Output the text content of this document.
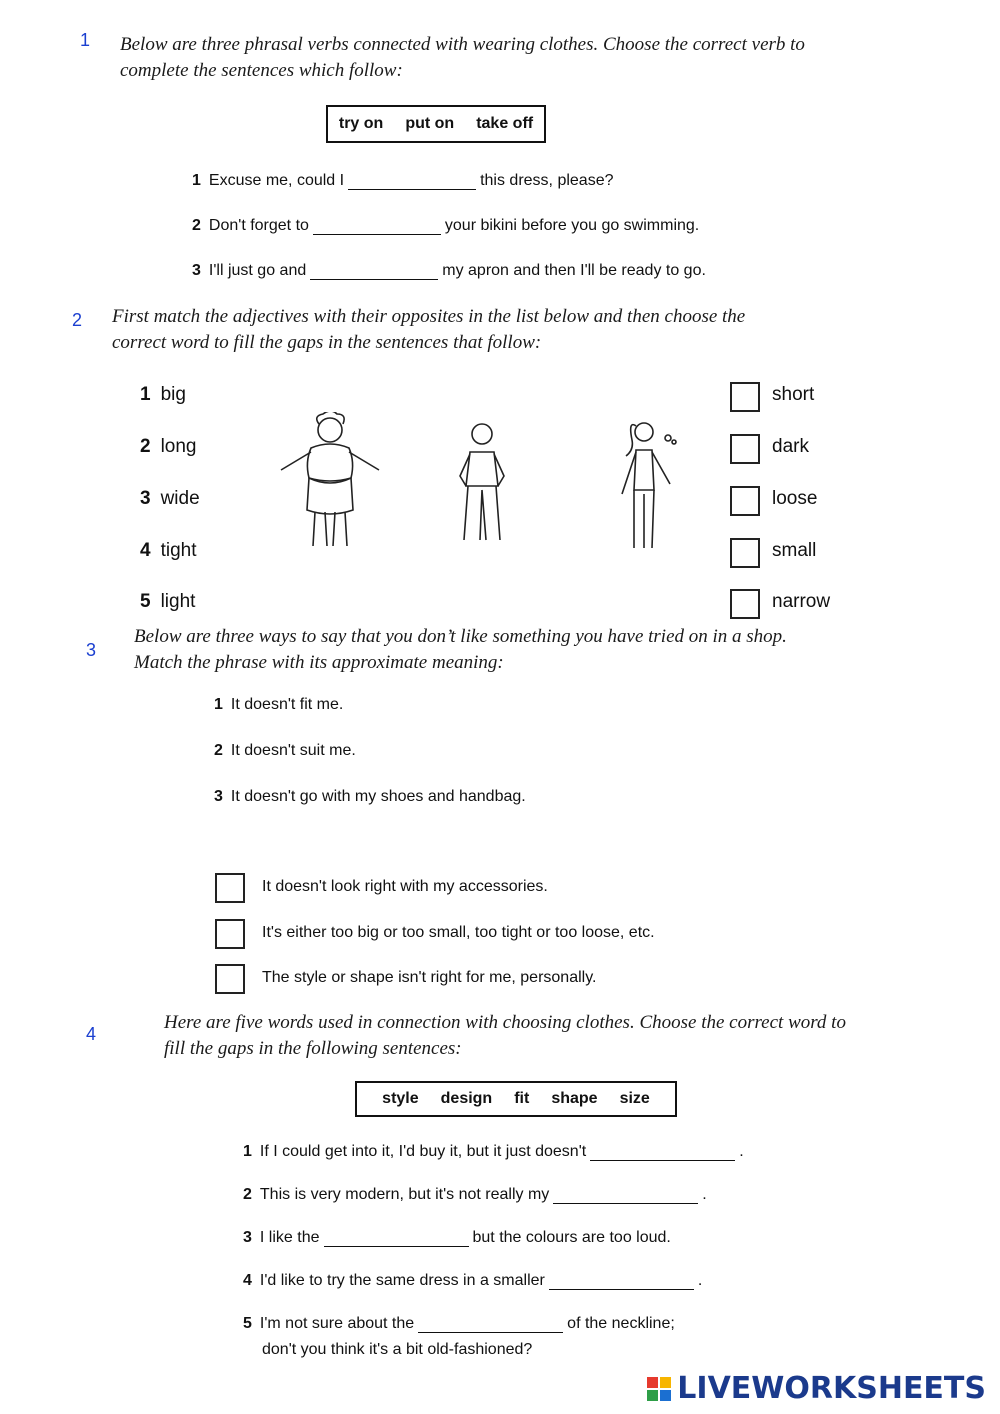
1 Below are three phrasal verbs connected with wearing clothes. Choose the correct verb to
complete the sentences which follow:
try on put on take off
1 Excuse me, could I	this dress, please?
2 Don't forget to	your bikini before you go swimming.
3 I'll just go and	my apron and then I'll be ready to go.
2 First match the adjectives with their opposites in the list below and then choose the
correct word to fill the gaps in the sentences that follow:
1 big
2 long
3 wide
4 tight
5 light
short
dark
loose
small
narrow
3
Below are three ways to say that you don’t like something you have tried on in a shop.
Match the phrase with its approximate meaning:
1 It doesn't fit me.
2 It doesn't suit me.
3 It doesn't go with my shoes and handbag.
It doesn't look right with my accessories.
It's either too big or too small, too tight or too loose, etc.
The style or shape isn't right for me, personally.
4
Here are five words used in connection with choosing clothes. Choose the correct word to
fill the gaps in the following sentences:
style design fit shape size
1 If I could get into it, I'd buy it, but it just doesn't	.
2 This is very modern, but it's not really my	.
3 I like the	but the colours are too loud.
4 I'd like to try the same dress in a smaller	.
5 I'm not sure about the	of the neckline;
don't you think it's a bit old-fashioned?
LIVEWORKSHEETS
